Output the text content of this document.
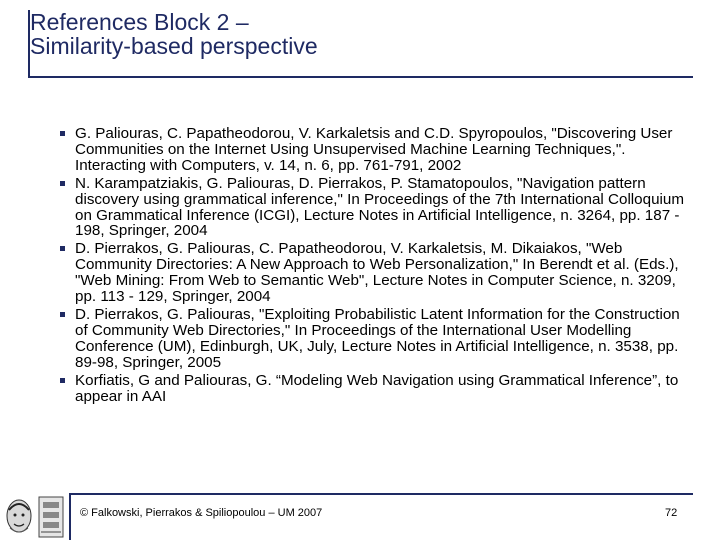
References Block 2 –
Similarity-based perspective
G. Paliouras, C. Papatheodorou, V. Karkaletsis and C.D. Spyropoulos, "Discovering User Communities on the Internet Using Unsupervised Machine Learning Techniques,". Interacting with Computers, v. 14, n. 6, pp. 761-791, 2002
N. Karampatziakis, G. Paliouras, D. Pierrakos, P. Stamatopoulos, "Navigation pattern discovery using grammatical inference," In Proceedings of the 7th International Colloquium on Grammatical Inference (ICGI), Lecture Notes in Artificial Intelligence, n. 3264, pp. 187 - 198, Springer, 2004
D. Pierrakos, G. Paliouras, C. Papatheodorou, V. Karkaletsis, M. Dikaiakos, "Web Community Directories: A New Approach to Web Personalization," In Berendt et al. (Eds.), "Web Mining: From Web to Semantic Web", Lecture Notes in Computer Science, n. 3209, pp. 113 - 129, Springer, 2004
D. Pierrakos, G. Paliouras, "Exploiting Probabilistic Latent Information for the Construction of Community Web Directories," In Proceedings of the International User Modelling Conference (UM), Edinburgh, UK, July, Lecture Notes in Artificial Intelligence, n. 3538, pp. 89-98, Springer, 2005
Korfiatis, G and Paliouras, G. “Modeling Web Navigation using Grammatical Inference”, to appear in AAI
© Falkowski, Pierrakos & Spiliopoulou – UM 2007	72
